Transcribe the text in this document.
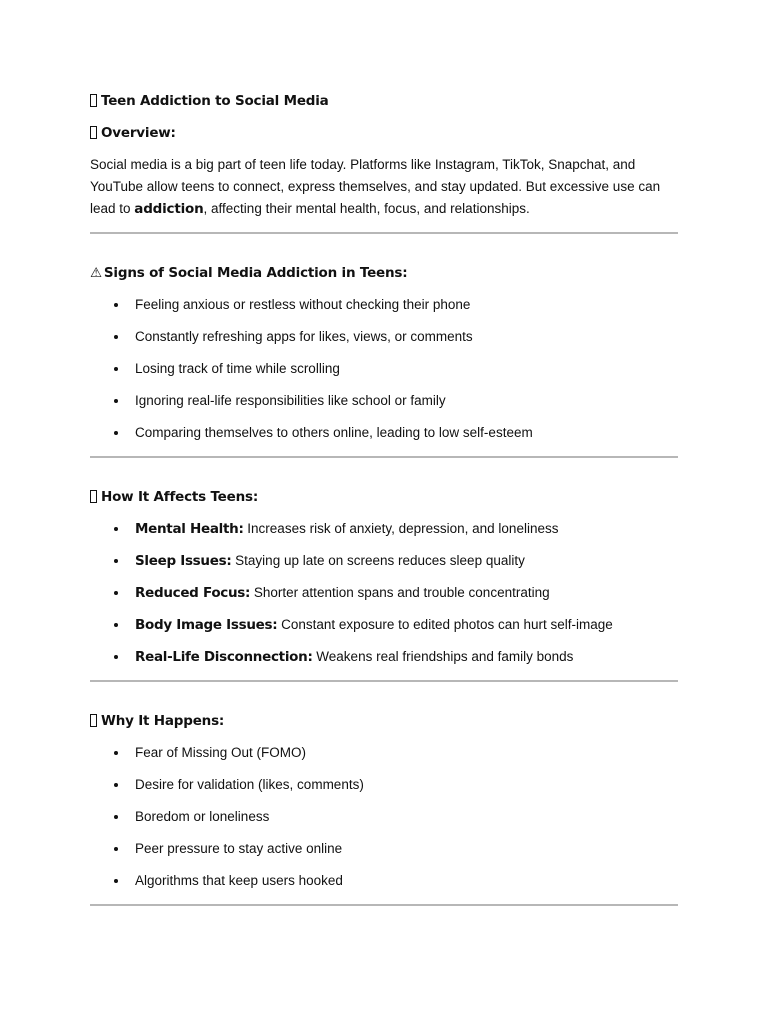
Teen Addiction to Social Media
Overview:

Social media is a big part of teen life today. Platforms like Instagram, TikTok, Snapchat, and YouTube allow teens to connect, express themselves, and stay updated. But excessive use can lead to addiction, affecting their mental health, focus, and relationships.

⚠ Signs of Social Media Addiction in Teens:
Feeling anxious or restless without checking their phone
Constantly refreshing apps for likes, views, or comments
Losing track of time while scrolling
Ignoring real-life responsibilities like school or family
Comparing themselves to others online, leading to low self-esteem
How It Affects Teens:
Mental Health: Increases risk of anxiety, depression, and loneliness
Sleep Issues: Staying up late on screens reduces sleep quality
Reduced Focus: Shorter attention spans and trouble concentrating
Body Image Issues: Constant exposure to edited photos can hurt self-image
Real-Life Disconnection: Weakens real friendships and family bonds
Why It Happens:
Fear of Missing Out (FOMO)
Desire for validation (likes, comments)
Boredom or loneliness
Peer pressure to stay active online
Algorithms that keep users hooked
